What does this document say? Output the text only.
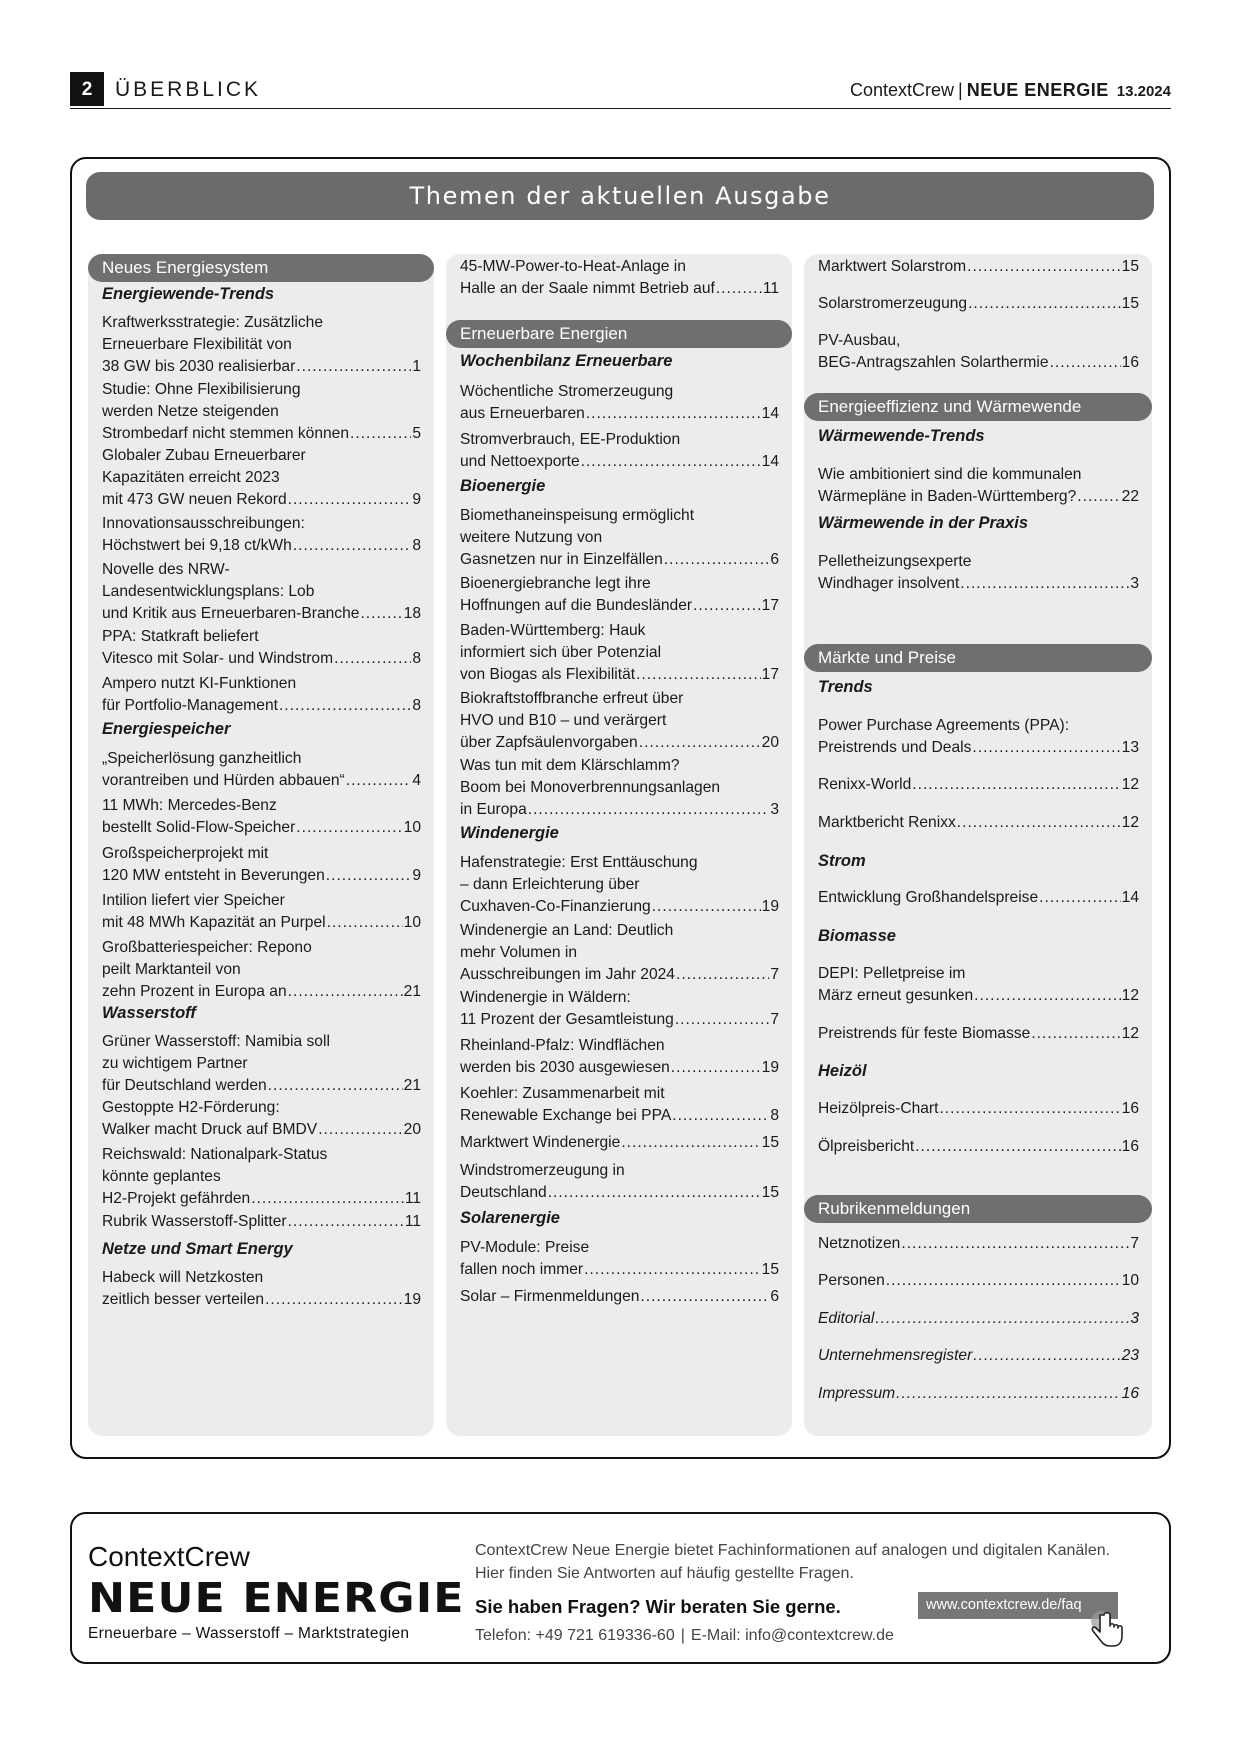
2	ÜBERBLICK	ContextCrew | NEUE ENERGIE 13.2024
Themen der aktuellen Ausgabe
Neues Energiesystem
Energiewende-Trends
Kraftwerksstrategie: Zusätzliche
Erneuerbare Flexibilität von
38 GW bis 2030 realisierbar .....	1
Studie: Ohne Flexibilisierung
werden Netze steigenden
Strombedarf nicht stemmen können .....	5
Globaler Zubau Erneuerbarer
Kapazitäten erreicht 2023
mit 473 GW neuen Rekord .....	9
Innovationsausschreibungen:
Höchstwert bei 9,18 ct/kWh .....	8
Novelle des NRW-
Landesentwicklungsplans: Lob
und Kritik aus Erneuerbaren-Branche .....	18
PPA: Statkraft beliefert
Vitesco mit Solar- und Windstrom .....	8
Ampero nutzt KI-Funktionen
für Portfolio-Management .....	8
Energiespeicher
„Speicherlösung ganzheitlich
vorantreiben und Hürden abbauen“ .....	4
11 MWh: Mercedes-Benz
bestellt Solid-Flow-Speicher .....	10
Großspeicherprojekt mit
120 MW entsteht in Beverungen .....	9
Intilion liefert vier Speicher
mit 48 MWh Kapazität an Purpel .....	10
Großbatteriespeicher: Repono
peilt Marktanteil von
zehn Prozent in Europa an .....	21
Wasserstoff
Grüner Wasserstoff: Namibia soll
zu wichtigem Partner
für Deutschland werden .....	21
Gestoppte H2-Förderung:
Walker macht Druck auf BMDV .....	20
Reichswald: Nationalpark-Status
könnte geplantes
H2-Projekt gefährden .....	11
Rubrik Wasserstoff-Splitter .....	11
Netze und Smart Energy
Habeck will Netzkosten
zeitlich besser verteilen .....	19
45-MW-Power-to-Heat-Anlage in
Halle an der Saale nimmt Betrieb auf .....	11
Erneuerbare Energien
Wochenbilanz Erneuerbare
Wöchentliche Stromerzeugung
aus Erneuerbaren .....	14
Stromverbrauch, EE-Produktion
und Nettoexporte .....	14
Bioenergie
Biomethaneinspeisung ermöglicht
weitere Nutzung von
Gasnetzen nur in Einzelfällen .....	6
Bioenergiebranche legt ihre
Hoffnungen auf die Bundesländer .....	17
Baden-Württemberg: Hauk
informiert sich über Potenzial
von Biogas als Flexibilität .....	17
Biokraftstoffbranche erfreut über
HVO und B10 – und verärgert
über Zapfsäulenvorgaben .....	20
Was tun mit dem Klärschlamm?
Boom bei Monoverbrennungsanlagen
in Europa .....	3
Windenergie
Hafenstrategie: Erst Enttäuschung
– dann Erleichterung über
Cuxhaven-Co-Finanzierung .....	19
Windenergie an Land: Deutlich
mehr Volumen in
Ausschreibungen im Jahr 2024 .....	7
Windenergie in Wäldern:
11 Prozent der Gesamtleistung .....	7
Rheinland-Pfalz: Windflächen
werden bis 2030 ausgewiesen .....	19
Koehler: Zusammenarbeit mit
Renewable Exchange bei PPA .....	8
Marktwert Windenergie .....	15
Windstromerzeugung in
Deutschland .....	15
Solarenergie
PV-Module: Preise
fallen noch immer .....	15
Solar – Firmenmeldungen .....	6
Marktwert Solarstrom .....	15
Solarstromerzeugung .....	15
PV-Ausbau,
BEG-Antragszahlen Solarthermie .....	16
Energieeffizienz und Wärmewende
Wärmewende-Trends
Wie ambitioniert sind die kommunalen
Wärmepläne in Baden-Württemberg? .....	22
Wärmewende in der Praxis
Pelletheizungsexperte
Windhager insolvent .....	3
Märkte und Preise
Trends
Power Purchase Agreements (PPA):
Preistrends und Deals .....	13
Renixx-World .....	12
Marktbericht Renixx .....	12
Strom
Entwicklung Großhandelspreise .....	14
Biomasse
DEPI: Pelletpreise im
März erneut gesunken .....	12
Preistrends für feste Biomasse .....	12
Heizöl
Heizölpreis-Chart .....	16
Ölpreisbericht .....	16
Rubrikenmeldungen
Netznotizen .....	7
Personen .....	10
Editorial .....	3
Unternehmensregister .....	23
Impressum .....	16
ContextCrew
NEUE ENERGIE
Erneuerbare – Wasserstoff – Marktstrategien
ContextCrew Neue Energie bietet Fachinformationen auf analogen und digitalen Kanälen.
Hier finden Sie Antworten auf häufig gestellte Fragen.
Sie haben Fragen? Wir beraten Sie gerne.
Telefon: +49 721 619336-60 | E-Mail: info@contextcrew.de
www.contextcrew.de/faq
